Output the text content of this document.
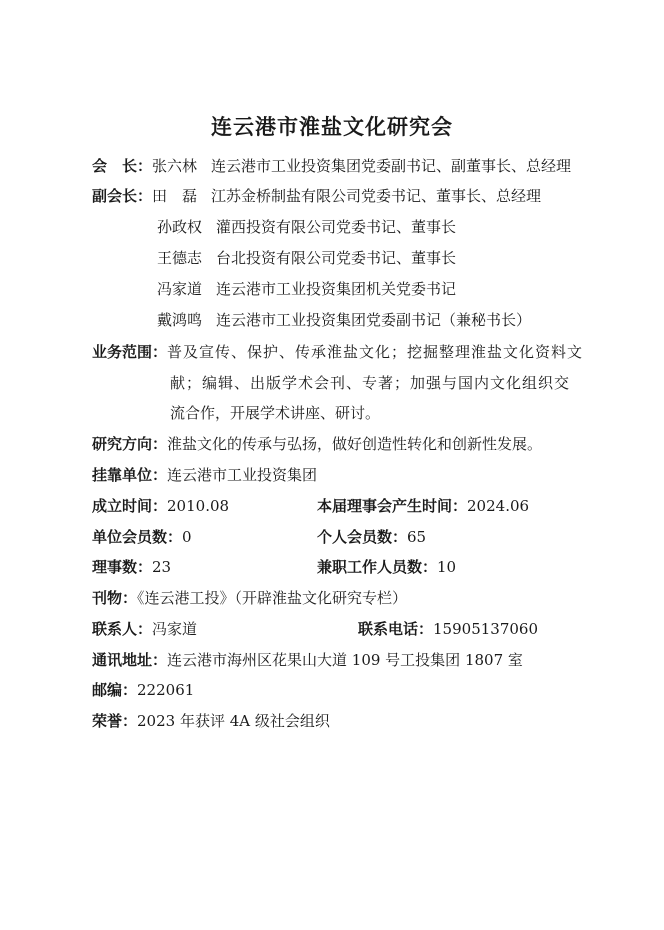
连云港市淮盐文化研究会
会　长：张六林 连云港市工业投资集团党委副书记、副董事长、总经理
副会长：田　磊 江苏金桥制盐有限公司党委书记、董事长、总经理
孙政权 灌西投资有限公司党委书记、董事长
王德志 台北投资有限公司党委书记、董事长
冯家道 连云港市工业投资集团机关党委书记
戴鸿鸣 连云港市工业投资集团党委副书记（兼秘书长）
业务范围：普及宣传、保护、传承淮盐文化；挖掘整理淮盐文化资料文
献；编辑、出版学术会刊、专著；加强与国内文化组织交
流合作，开展学术讲座、研讨。
研究方向：淮盐文化的传承与弘扬，做好创造性转化和创新性发展。
挂靠单位：连云港市工业投资集团
成立时间：2010.08	本届理事会产生时间：2024.06
单位会员数：0	个人会员数：65
理事数：23	兼职工作人员数：10
刊物：《连云港工投》（开辟淮盐文化研究专栏）
联系人：冯家道	联系电话：15905137060
通讯地址：连云港市海州区花果山大道 109 号工投集团 1807 室
邮编：222061
荣誉：2023 年获评 4A 级社会组织
